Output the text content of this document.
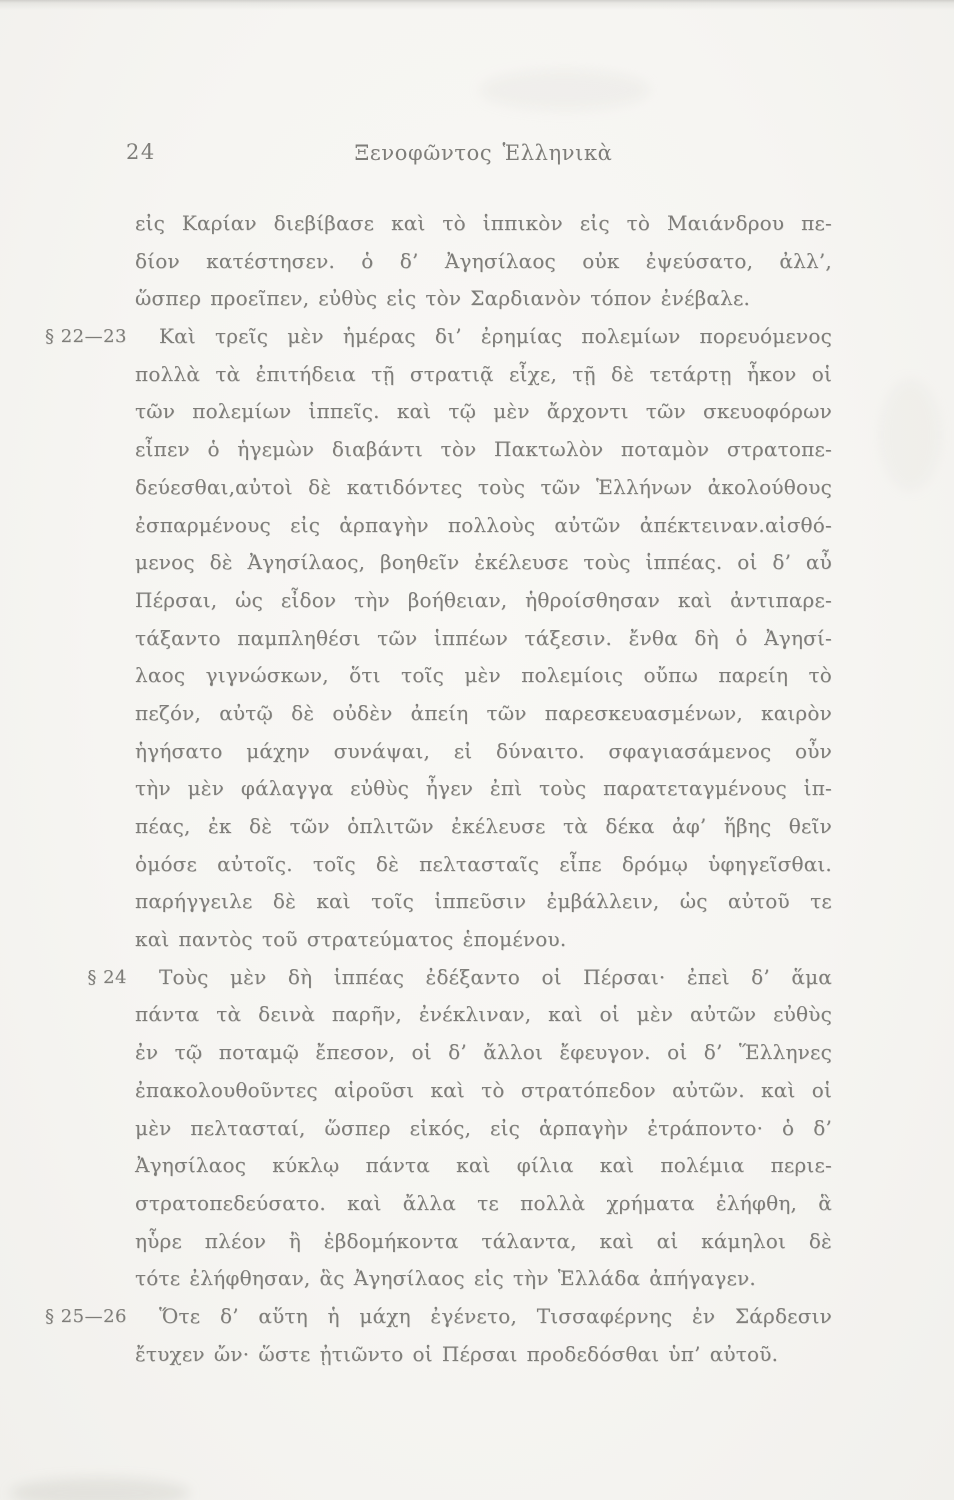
24	Ξενοφῶντος Ἑλληνικὰ
§ 22—23
§ 24
§ 25—26
εἰς Καρίαν διεβίβασε καὶ τὸ ἱππικὸν εἰς τὸ Μαιάνδρου πε-
δίον κατέστησεν. ὁ δ’ Ἀγησίλαος οὐκ ἐψεύσατο, ἀλλ’,
ὥσπερ προεῖπεν, εὐθὺς εἰς τὸν Σαρδιανὸν τόπον ἐνέβαλε.
Καὶ τρεῖς μὲν ἡμέρας δι’ ἐρημίας πολεμίων πορευόμενος
πολλὰ τὰ ἐπιτήδεια τῇ στρατιᾷ εἶχε, τῇ δὲ τετάρτῃ ἧκον οἱ
τῶν πολεμίων ἱππεῖς. καὶ τῷ μὲν ἄρχοντι τῶν σκευοφόρων
εἶπεν ὁ ἡγεμὼν διαβάντι τὸν Πακτωλὸν ποταμὸν στρατοπε-
δεύεσθαι,αὐτοὶ δὲ κατιδόντες τοὺς τῶν Ἑλλήνων ἀκολούθους
ἐσπαρμένους εἰς ἁρπαγὴν πολλοὺς αὐτῶν ἀπέκτειναν.αἰσθό-
μενος δὲ Ἀγησίλαος, βοηθεῖν ἐκέλευσε τοὺς ἱππέας. οἱ δ’ αὖ
Πέρσαι, ὡς εἶδον τὴν βοήθειαν, ἡθροίσθησαν καὶ ἀντιπαρε-
τάξαντο παμπληθέσι τῶν ἱππέων τάξεσιν. ἔνθα δὴ ὁ Ἀγησί-
λαος γιγνώσκων, ὅτι τοῖς μὲν πολεμίοις οὔπω παρείη τὸ
πεζόν, αὐτῷ δὲ οὐδὲν ἀπείη τῶν παρεσκευασμένων, καιρὸν
ἡγήσατο μάχην συνάψαι, εἰ δύναιτο. σφαγιασάμενος οὖν
τὴν μὲν φάλαγγα εὐθὺς ἦγεν ἐπὶ τοὺς παρατεταγμένους ἱπ-
πέας, ἐκ δὲ τῶν ὁπλιτῶν ἐκέλευσε τὰ δέκα ἀφ’ ἥβης θεῖν
ὁμόσε αὐτοῖς. τοῖς δὲ πελτασταῖς εἶπε δρόμῳ ὑφηγεῖσθαι.
παρήγγειλε δὲ καὶ τοῖς ἱππεῦσιν ἐμβάλλειν, ὡς αὐτοῦ τε
καὶ παντὸς τοῦ στρατεύματος ἑπομένου.
Τοὺς μὲν δὴ ἱππέας ἐδέξαντο οἱ Πέρσαι· ἐπεὶ δ’ ἅμα
πάντα τὰ δεινὰ παρῆν, ἐνέκλιναν, καὶ οἱ μὲν αὐτῶν εὐθὺς
ἐν τῷ ποταμῷ ἔπεσον, οἱ δ’ ἄλλοι ἔφευγον. οἱ δ’ Ἕλληνες
ἐπακολουθοῦντες αἱροῦσι καὶ τὸ στρατόπεδον αὐτῶν. καὶ οἱ
μὲν πελτασταί, ὥσπερ εἰκός, εἰς ἁρπαγὴν ἐτράποντο· ὁ δ’
Ἀγησίλαος κύκλῳ πάντα καὶ φίλια καὶ πολέμια περιε-
στρατοπεδεύσατο. καὶ ἄλλα τε πολλὰ χρήματα ἐλήφθη, ἃ
ηὗρε πλέον ἢ ἑβδομήκοντα τάλαντα, καὶ αἱ κάμηλοι δὲ
τότε ἐλήφθησαν, ἃς Ἀγησίλαος εἰς τὴν Ἑλλάδα ἀπήγαγεν.
Ὅτε δ’ αὕτη ἡ μάχη ἐγένετο, Τισσαφέρνης ἐν Σάρδεσιν
ἔτυχεν ὤν· ὥστε ᾐτιῶντο οἱ Πέρσαι προδεδόσθαι ὑπ’ αὐτοῦ.
